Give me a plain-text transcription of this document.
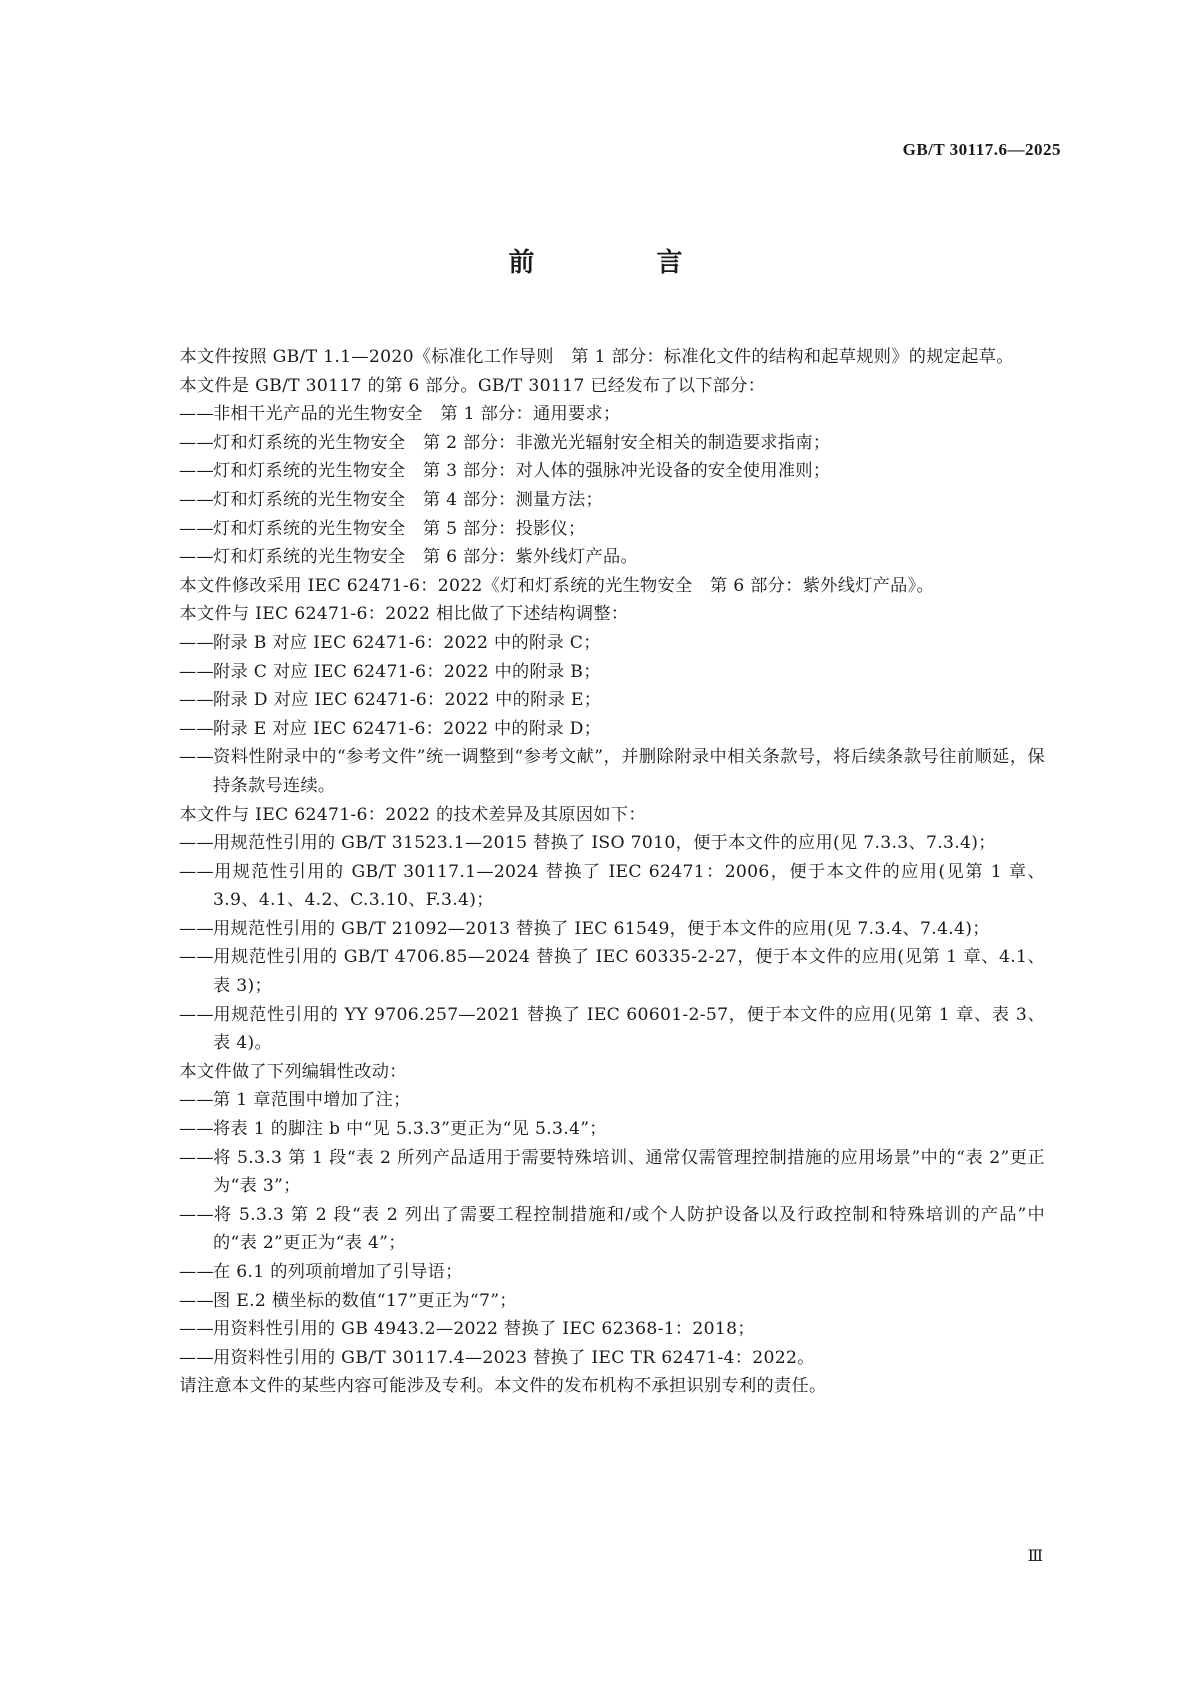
GB/T 30117.6—2025
前　言

本文件按照 GB/T 1.1—2020《标准化工作导则　第 1 部分：标准化文件的结构和起草规则》的规定起草。

本文件是 GB/T 30117 的第 6 部分。GB/T 30117 已经发布了以下部分：

——非相干光产品的光生物安全　第 1 部分：通用要求；

——灯和灯系统的光生物安全　第 2 部分：非激光光辐射安全相关的制造要求指南；

——灯和灯系统的光生物安全　第 3 部分：对人体的强脉冲光设备的安全使用准则；

——灯和灯系统的光生物安全　第 4 部分：测量方法；

——灯和灯系统的光生物安全　第 5 部分：投影仪；

——灯和灯系统的光生物安全　第 6 部分：紫外线灯产品。

本文件修改采用 IEC 62471-6：2022《灯和灯系统的光生物安全　第 6 部分：紫外线灯产品》。

本文件与 IEC 62471-6：2022 相比做了下述结构调整：

——附录 B 对应 IEC 62471-6：2022 中的附录 C；

——附录 C 对应 IEC 62471-6：2022 中的附录 B；

——附录 D 对应 IEC 62471-6：2022 中的附录 E；

——附录 E 对应 IEC 62471-6：2022 中的附录 D；

——资料性附录中的“参考文件”统一调整到“参考文献”，并删除附录中相关条款号，将后续条款号往前顺延，保持条款号连续。

本文件与 IEC 62471-6：2022 的技术差异及其原因如下：

——用规范性引用的 GB/T 31523.1—2015 替换了 ISO 7010，便于本文件的应用(见 7.3.3、7.3.4)；

——用规范性引用的 GB/T 30117.1—2024 替换了 IEC 62471：2006，便于本文件的应用(见第 1 章、3.9、4.1、4.2、C.3.10、F.3.4)；

——用规范性引用的 GB/T 21092—2013 替换了 IEC 61549，便于本文件的应用(见 7.3.4、7.4.4)；

——用规范性引用的 GB/T 4706.85—2024 替换了 IEC 60335-2-27，便于本文件的应用(见第 1 章、4.1、表 3)；

——用规范性引用的 YY 9706.257—2021 替换了 IEC 60601-2-57，便于本文件的应用(见第 1 章、表 3、表 4)。

本文件做了下列编辑性改动：

——第 1 章范围中增加了注；

——将表 1 的脚注 b 中“见 5.3.3”更正为“见 5.3.4”；

——将 5.3.3 第 1 段“表 2 所列产品适用于需要特殊培训、通常仅需管理控制措施的应用场景”中的“表 2”更正为“表 3”；

——将 5.3.3 第 2 段“表 2 列出了需要工程控制措施和/或个人防护设备以及行政控制和特殊培训的产品”中的“表 2”更正为“表 4”；

——在 6.1 的列项前增加了引导语；

——图 E.2 横坐标的数值“17”更正为“7”；

——用资料性引用的 GB 4943.2—2022 替换了 IEC 62368-1：2018；

——用资料性引用的 GB/T 30117.4—2023 替换了 IEC TR 62471-4：2022。

请注意本文件的某些内容可能涉及专利。本文件的发布机构不承担识别专利的责任。

Ⅲ
